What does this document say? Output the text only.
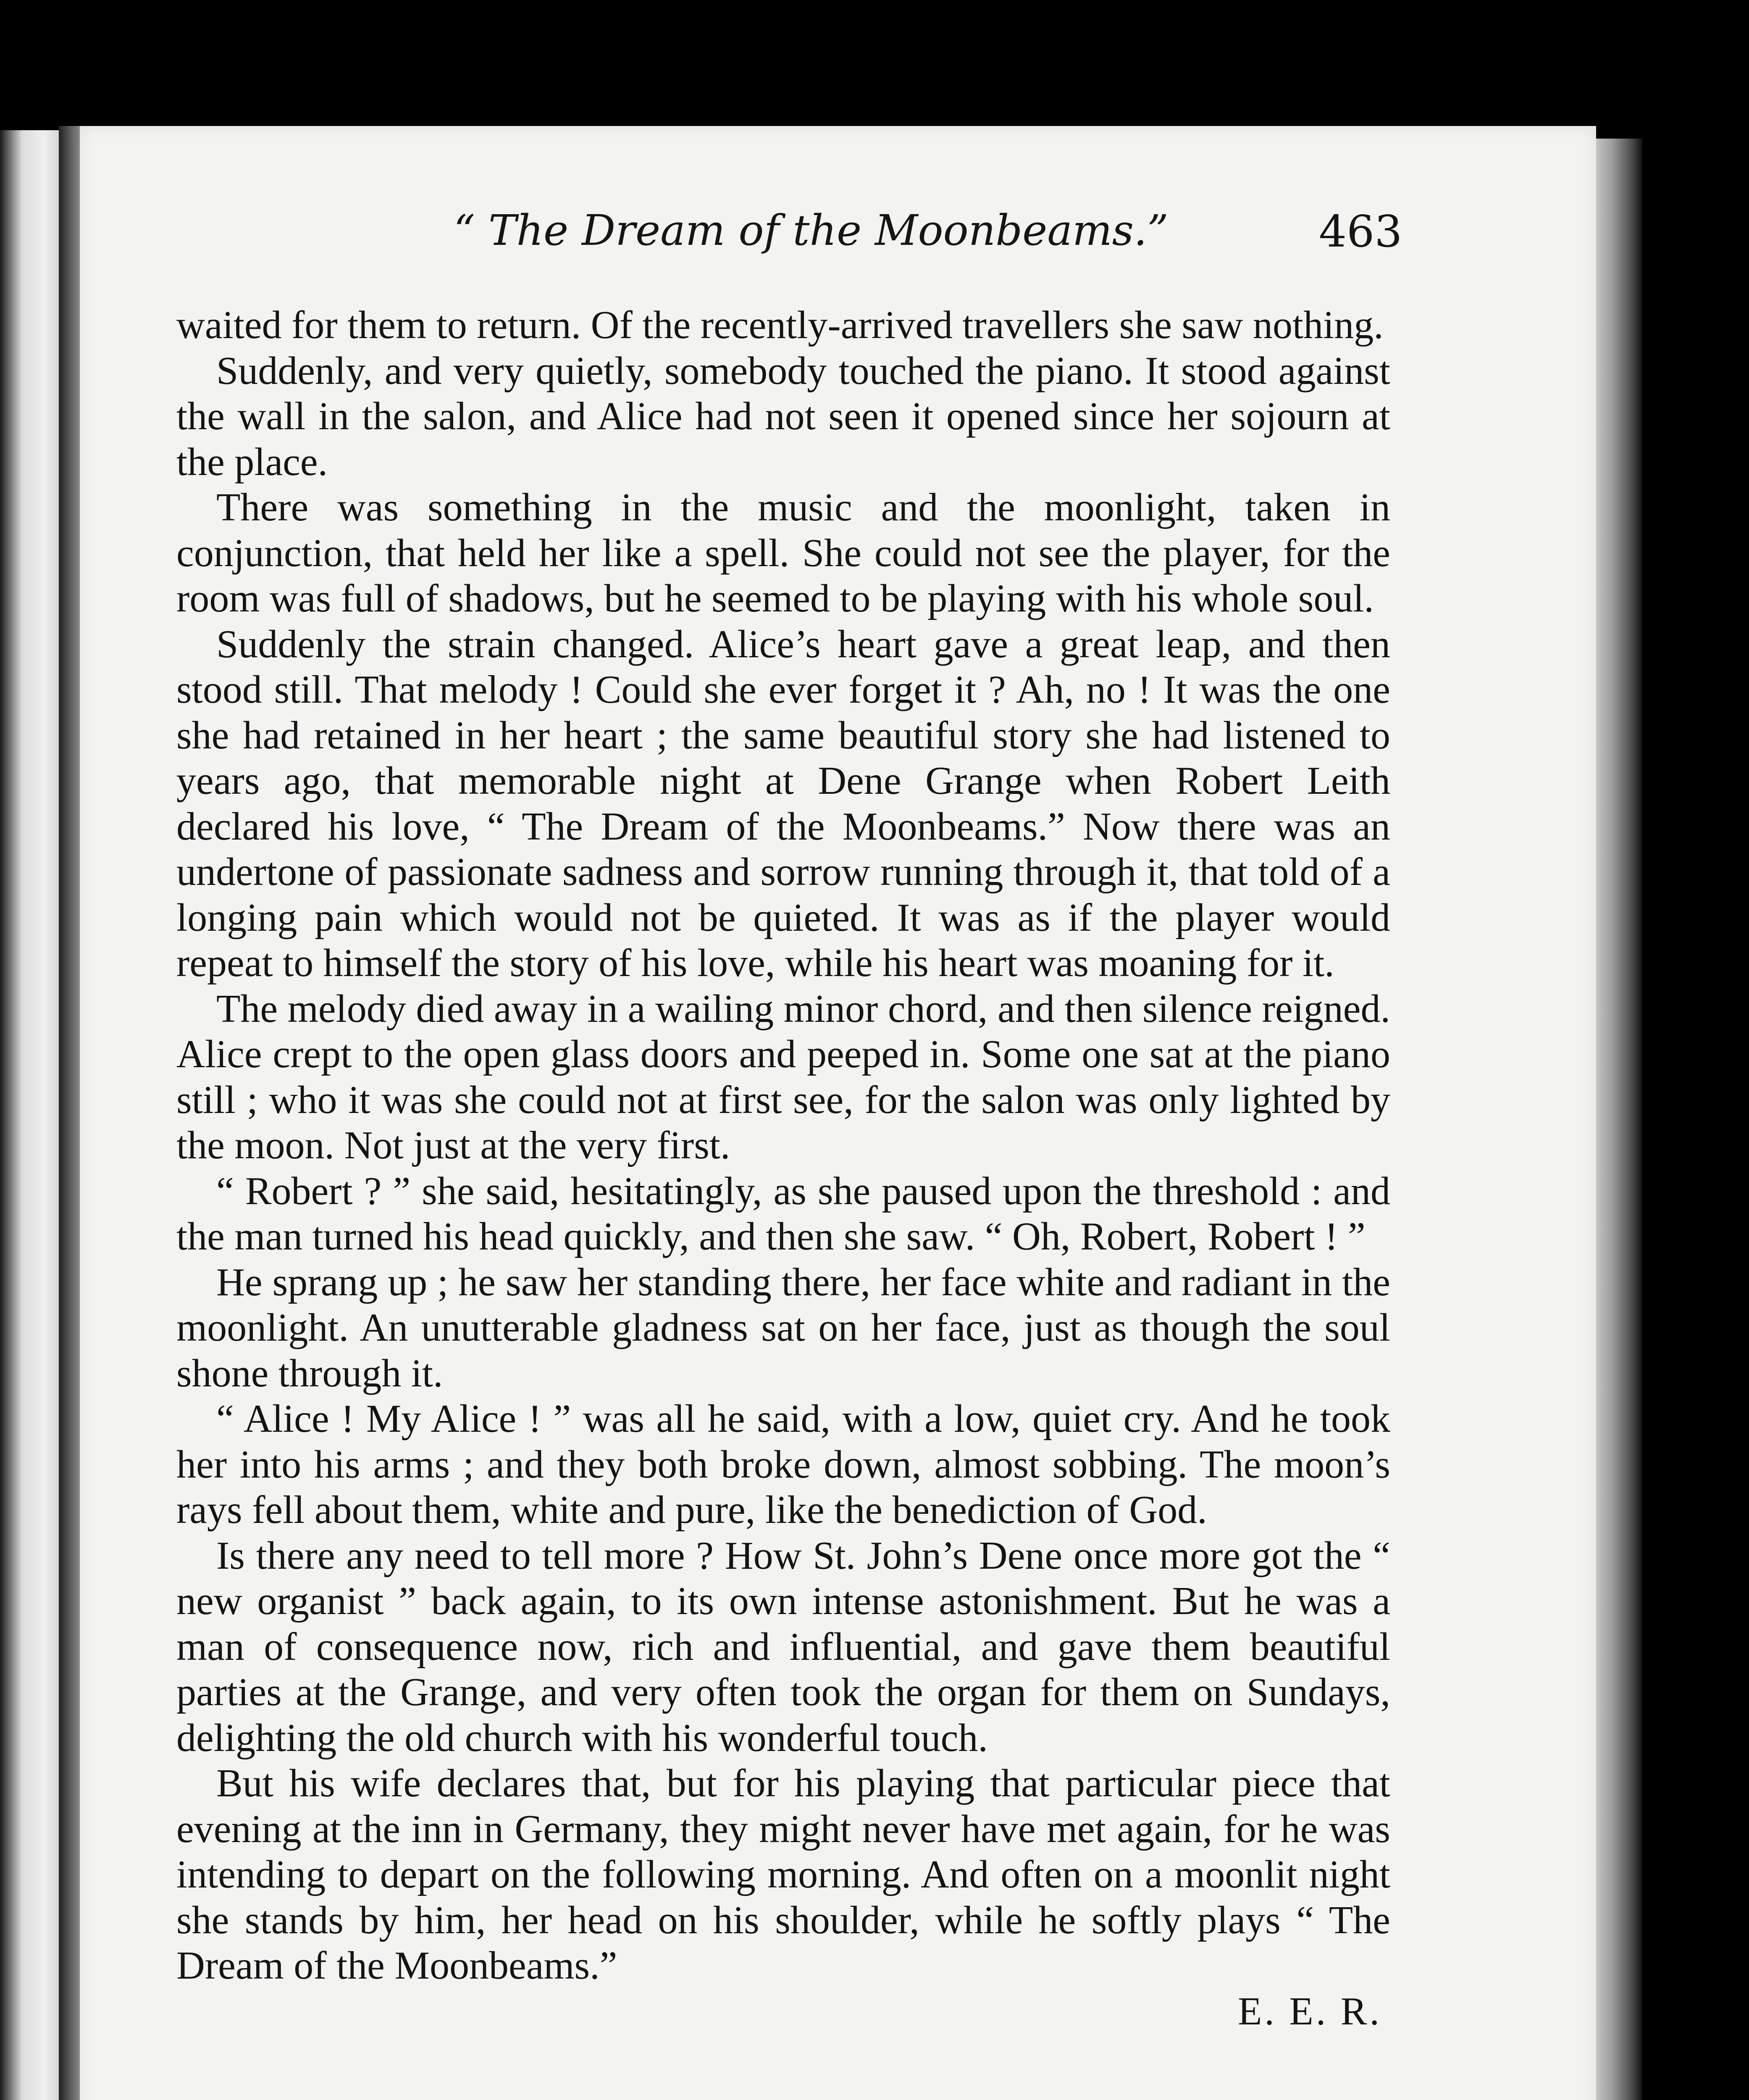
“ The Dream of the Moonbeams.”	463

waited for them to return. Of the recently-arrived travellers she saw nothing.

Suddenly, and very quietly, somebody touched the piano. It stood against the wall in the salon, and Alice had not seen it opened since her sojourn at the place.

There was something in the music and the moonlight, taken in conjunction, that held her like a spell. She could not see the player, for the room was full of shadows, but he seemed to be playing with his whole soul.

Suddenly the strain changed. Alice’s heart gave a great leap, and then stood still. That melody ! Could she ever forget it ? Ah, no ! It was the one she had retained in her heart ; the same beautiful story she had listened to years ago, that memorable night at Dene Grange when Robert Leith declared his love, “ The Dream of the Moonbeams.” Now there was an undertone of passionate sadness and sorrow running through it, that told of a longing pain which would not be quieted. It was as if the player would repeat to himself the story of his love, while his heart was moaning for it.

The melody died away in a wailing minor chord, and then silence reigned. Alice crept to the open glass doors and peeped in. Some one sat at the piano still ; who it was she could not at first see, for the salon was only lighted by the moon. Not just at the very first.

“ Robert ? ” she said, hesitatingly, as she paused upon the threshold : and the man turned his head quickly, and then she saw. “ Oh, Robert, Robert ! ”

He sprang up ; he saw her standing there, her face white and radiant in the moonlight. An unutterable gladness sat on her face, just as though the soul shone through it.

“ Alice ! My Alice ! ” was all he said, with a low, quiet cry. And he took her into his arms ; and they both broke down, almost sobbing. The moon’s rays fell about them, white and pure, like the benediction of God.

Is there any need to tell more ? How St. John’s Dene once more got the “ new organist ” back again, to its own intense astonishment. But he was a man of consequence now, rich and influential, and gave them beautiful parties at the Grange, and very often took the organ for them on Sundays, delighting the old church with his wonderful touch.

But his wife declares that, but for his playing that particular piece that evening at the inn in Germany, they might never have met again, for he was intending to depart on the following morning. And often on a moonlit night she stands by him, her head on his shoulder, while he softly plays “ The Dream of the Moonbeams.”

E. E. R.
